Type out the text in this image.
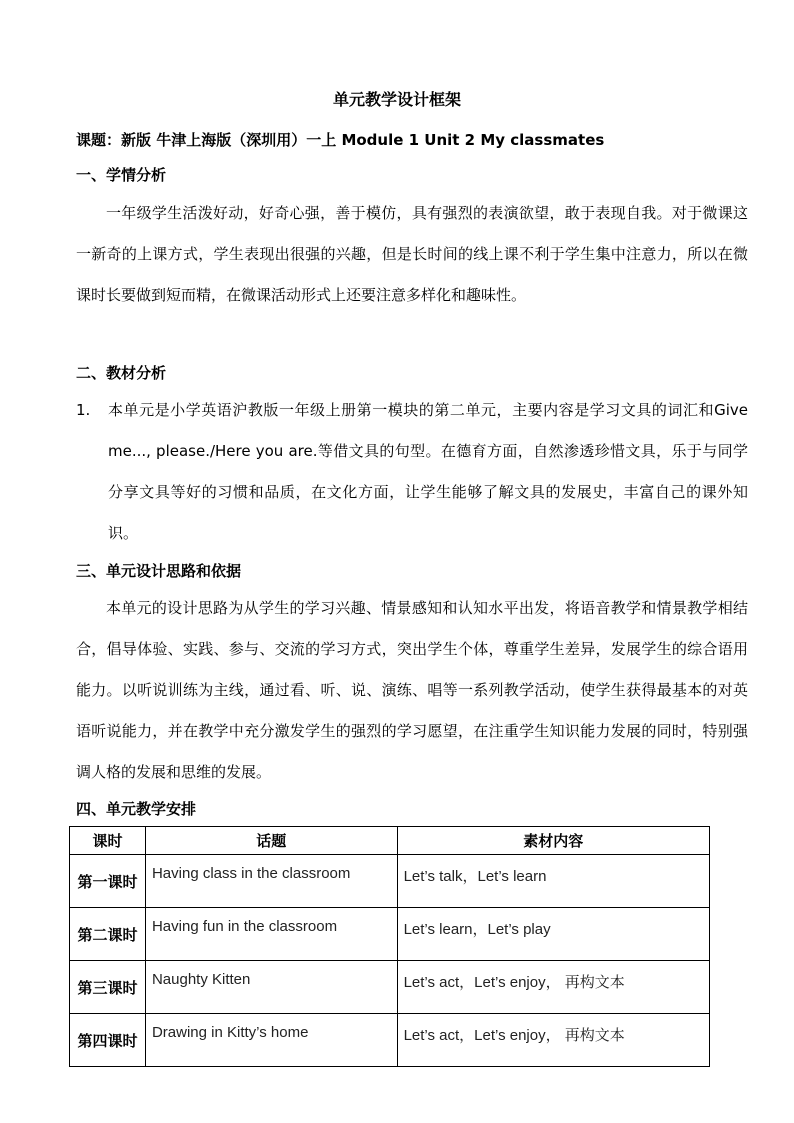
单元教学设计框架
课题：新版 牛津上海版（深圳用）一上 Module 1 Unit 2 My classmates
一、学情分析

一年级学生活泼好动，好奇心强，善于模仿，具有强烈的表演欲望，敢于表现自我。对于微课这一新奇的上课方式，学生表现出很强的兴趣，但是长时间的线上课不利于学生集中注意力，所以在微课时长要做到短而精，在微课活动形式上还要注意多样化和趣味性。

二、教材分析
1. 本单元是小学英语沪教版一年级上册第一模块的第二单元，主要内容是学习文具的词汇和Give me..., please./Here you are.等借文具的句型。在德育方面，自然渗透珍惜文具，乐于与同学分享文具等好的习惯和品质，在文化方面，让学生能够了解文具的发展史，丰富自己的课外知识。
三、单元设计思路和依据

本单元的设计思路为从学生的学习兴趣、情景感知和认知水平出发，将语音教学和情景教学相结合，倡导体验、实践、参与、交流的学习方式，突出学生个体，尊重学生差异，发展学生的综合语用能力。以听说训练为主线，通过看、听、说、演练、唱等一系列教学活动，使学生获得最基本的对英语听说能力，并在教学中充分激发学生的强烈的学习愿望，在注重学生知识能力发展的同时，特别强调人格的发展和思维的发展。

四、单元教学安排
课时	话题	素材内容
第一课时	Having class in the classroom	Let’s talk，Let’s learn
第二课时	Having fun in the classroom	Let’s learn，Let’s play
第三课时	Naughty Kitten	Let’s act，Let’s enjoy， 再构文本
第四课时	Drawing in Kitty’s home	Let’s act，Let’s enjoy， 再构文本
